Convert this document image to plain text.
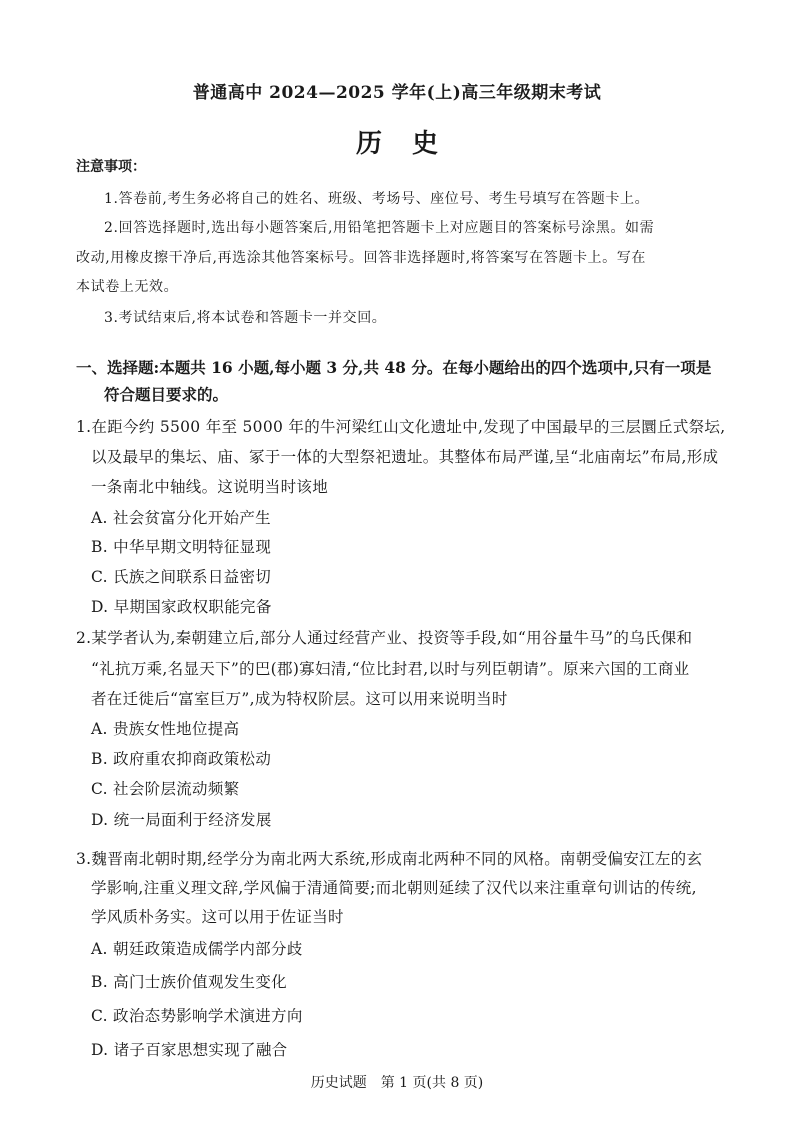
普通高中 2024—2025 学年(上)高三年级期末考试
历史
注意事项：
1.答卷前,考生务必将自己的姓名、班级、考场号、座位号、考生号填写在答题卡上。
2.回答选择题时,选出每小题答案后,用铅笔把答题卡上对应题目的答案标号涂黑。如需
改动,用橡皮擦干净后,再选涂其他答案标号。回答非选择题时,将答案写在答题卡上。写在
本试卷上无效。
3.考试结束后,将本试卷和答题卡一并交回。
一、选择题:本题共 16 小题,每小题 3 分,共 48 分。在每小题给出的四个选项中,只有一项是
符合题目要求的。
1.在距今约 5500 年至 5000 年的牛河梁红山文化遗址中,发现了中国最早的三层圜丘式祭坛,
以及最早的集坛、庙、冢于一体的大型祭祀遗址。其整体布局严谨,呈“北庙南坛”布局,形成
一条南北中轴线。这说明当时该地
A. 社会贫富分化开始产生
B. 中华早期文明特征显现
C. 氏族之间联系日益密切
D. 早期国家政权职能完备
2.某学者认为,秦朝建立后,部分人通过经营产业、投资等手段,如“用谷量牛马”的乌氏倮和
“礼抗万乘,名显天下”的巴(郡)寡妇清,“位比封君,以时与列臣朝请”。原来六国的工商业
者在迁徙后“富室巨万”,成为特权阶层。这可以用来说明当时
A. 贵族女性地位提高
B. 政府重农抑商政策松动
C. 社会阶层流动频繁
D. 统一局面利于经济发展
3.魏晋南北朝时期,经学分为南北两大系统,形成南北两种不同的风格。南朝受偏安江左的玄
学影响,注重义理文辞,学风偏于清通简要;而北朝则延续了汉代以来注重章句训诂的传统,
学风质朴务实。这可以用于佐证当时
A. 朝廷政策造成儒学内部分歧
B. 高门士族价值观发生变化
C. 政治态势影响学术演进方向
D. 诸子百家思想实现了融合
历史试题　第 1 页(共 8 页)
